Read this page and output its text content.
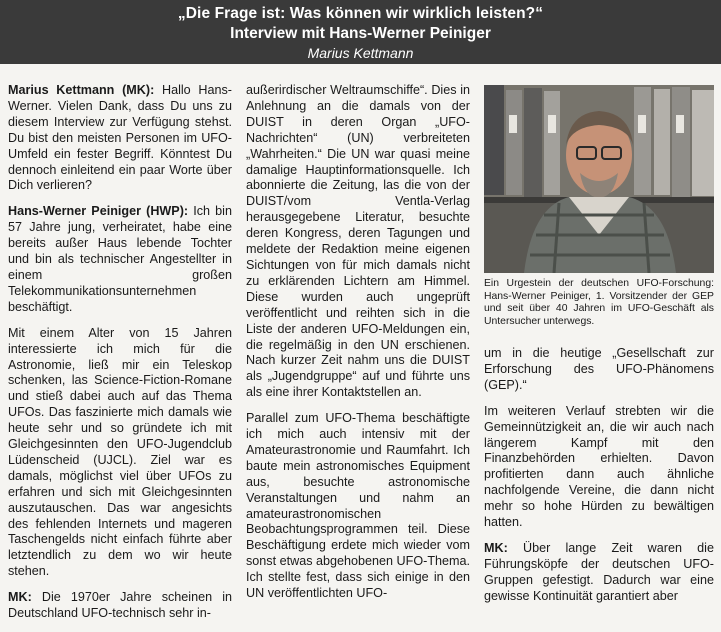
„Die Frage ist: Was können wir wirklich leisten?“
Interview mit Hans-Werner Peiniger
Marius Kettmann

Marius Kettmann (MK): Hallo Hans-Werner. Vielen Dank, dass Du uns zu diesem Interview zur Verfügung stehst. Du bist den meisten Personen im UFO-Umfeld ein fester Begriff. Könntest Du dennoch einleitend ein paar Worte über Dich verlieren?

Hans-Werner Peiniger (HWP): Ich bin 57 Jahre jung, verheiratet, habe eine bereits außer Haus lebende Tochter und bin als technischer Angestellter in einem großen Telekommunikationsunternehmen beschäftigt.

Mit einem Alter von 15 Jahren interessierte ich mich für die Astronomie, ließ mir ein Teleskop schenken, las Science-Fiction-Romane und stieß dabei auch auf das Thema UFOs. Das faszinierte mich damals wie heute sehr und so gründete ich mit Gleichgesinnten den UFO-Jugendclub Lüdenscheid (UJCL). Ziel war es damals, möglichst viel über UFOs zu erfahren und sich mit Gleichgesinnten auszutauschen. Das war angesichts des fehlenden Internets und mageren Taschengelds nicht einfach führte aber letztendlich zu dem wo wir heute stehen.

MK: Die 1970er Jahre scheinen in Deutschland UFO-technisch sehr in-

außerirdischer Weltraumschiffe“. Dies in Anlehnung an die damals von der DUIST in deren Organ „UFO-Nachrichten“ (UN) verbreiteten „Wahrheiten.“ Die UN war quasi meine damalige Hauptinformationsquelle. Ich abonnierte die Zeitung, las die von der DUIST/vom Ventla-Verlag herausgegebene Literatur, besuchte deren Kongress, deren Tagungen und meldete der Redaktion meine eigenen Sichtungen von für mich damals nicht zu erklärenden Lichtern am Himmel. Diese wurden auch ungeprüft veröffentlicht und reihten sich in die Liste der anderen UFO-Meldungen ein, die regelmäßig in den UN erschienen. Nach kurzer Zeit nahm uns die DUIST als „Jugendgruppe“ auf und führte uns als eine ihrer Kontaktstellen an.

Parallel zum UFO-Thema beschäftigte ich mich auch intensiv mit der Amateurastronomie und Raumfahrt. Ich baute mein astronomisches Equipment aus, besuchte astronomische Veranstaltungen und nahm an amateurastronomischen Beobachtungsprogrammen teil. Diese Beschäftigung erdete mich wieder vom sonst etwas abgehobenen UFO-Thema. Ich stellte fest, dass sich einige in den UN veröffentlichten UFO-

Ein Urgestein der deutschen UFO-Forschung: Hans-Werner Peiniger, 1. Vorsitzender der GEP und seit über 40 Jahren im UFO-Geschäft als Untersucher unterwegs.

um in die heutige „Gesellschaft zur Erforschung des UFO-Phänomens (GEP).“

Im weiteren Verlauf strebten wir die Gemeinnützigkeit an, die wir auch nach längerem Kampf mit den Finanzbehörden erhielten. Davon profitierten dann auch ähnliche nachfolgende Vereine, die dann nicht mehr so hohe Hürden zu bewältigen hatten.

MK: Über lange Zeit waren die Führungsköpfe der deutschen UFO-Gruppen gefestigt. Dadurch war eine gewisse Kontinuität garantiert aber
